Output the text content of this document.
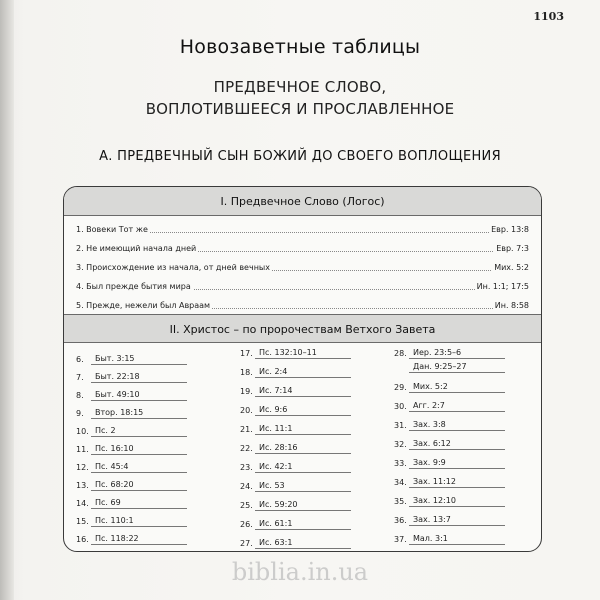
1103
Новозаветные таблицы
ПРЕДВЕЧНОЕ СЛОВО,
ВОПЛОТИВШЕЕСЯ И ПРОСЛАВЛЕННОЕ
А. ПРЕДВЕЧНЫЙ СЫН БОЖИЙ ДО СВОЕГО ВОПЛОЩЕНИЯ
I. Предвечное Слово (Логос)
1. Вовеки Тот же	Евр. 13:8
2. Не имеющий начала дней	Евр. 7:3
3. Происхождение из начала, от дней вечных	Мих. 5:2
4. Был прежде бытия мира	Ин. 1:1; 17:5
5. Прежде, нежели был Авраам	Ин. 8:58
II. Христос – по пророчествам Ветхого Завета
6. Быт. 3:15
7. Быт. 22:18
8. Быт. 49:10
9. Втор. 18:15
10. Пс. 2
11. Пс. 16:10
12. Пс. 45:4
13. Пс. 68:20
14. Пс. 69
15. Пс. 110:1
16. Пс. 118:22
17. Пс. 132:10–11
18. Ис. 2:4
19. Ис. 7:14
20. Ис. 9:6
21. Ис. 11:1
22. Ис. 28:16
23. Ис. 42:1
24. Ис. 53
25. Ис. 59:20
26. Ис. 61:1
27. Ис. 63:1
28. Иер. 23:5–6
Дан. 9:25–27
29. Мих. 5:2
30. Агг. 2:7
31. Зах. 3:8
32. Зах. 6:12
33. Зах. 9:9
34. Зах. 11:12
35. Зах. 12:10
36. Зах. 13:7
37. Мал. 3:1
biblia.in.ua
